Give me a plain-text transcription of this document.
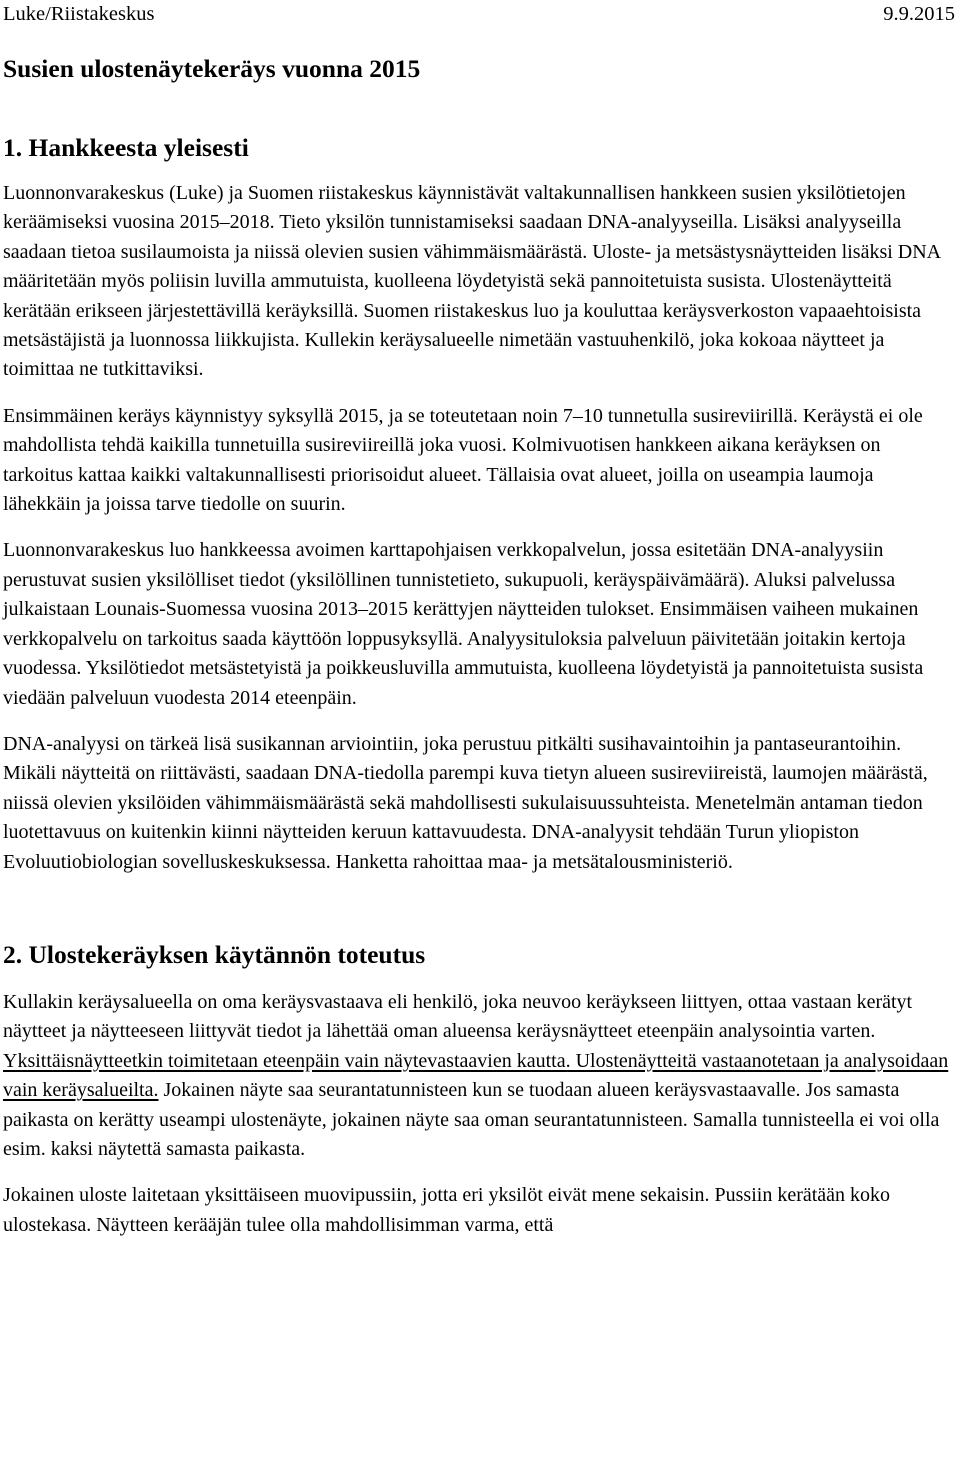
Luke/Riistakeskus	9.9.2015
Susien ulostenäytekeräys vuonna 2015
1. Hankkeesta yleisesti

Luonnonvarakeskus (Luke) ja Suomen riistakeskus käynnistävät valtakunnallisen hankkeen susien yksilötietojen keräämiseksi vuosina 2015–2018. Tieto yksilön tunnistamiseksi saadaan DNA-analyyseilla. Lisäksi analyyseilla saadaan tietoa susilaumoista ja niissä olevien susien vähimmäismäärästä. Uloste- ja metsästysnäytteiden lisäksi DNA määritetään myös poliisin luvilla ammutuista, kuolleena löydetyistä sekä pannoitetuista susista. Ulostenäytteitä kerätään erikseen järjestettävillä keräyksillä. Suomen riistakeskus luo ja kouluttaa keräysverkoston vapaaehtoisista metsästäjistä ja luonnossa liikkujista. Kullekin keräysalueelle nimetään vastuuhenkilö, joka kokoaa näytteet ja toimittaa ne tutkittaviksi.

Ensimmäinen keräys käynnistyy syksyllä 2015, ja se toteutetaan noin 7–10 tunnetulla susireviirillä. Keräystä ei ole mahdollista tehdä kaikilla tunnetuilla susireviireillä joka vuosi. Kolmivuotisen hankkeen aikana keräyksen on tarkoitus kattaa kaikki valtakunnallisesti priorisoidut alueet. Tällaisia ovat alueet, joilla on useampia laumoja lähekkäin ja joissa tarve tiedolle on suurin.

Luonnonvarakeskus luo hankkeessa avoimen karttapohjaisen verkkopalvelun, jossa esitetään DNA-analyysiin perustuvat susien yksilölliset tiedot (yksilöllinen tunnistetieto, sukupuoli, keräyspäivämäärä). Aluksi palvelussa julkaistaan Lounais-Suomessa vuosina 2013–2015 kerättyjen näytteiden tulokset. Ensimmäisen vaiheen mukainen verkkopalvelu on tarkoitus saada käyttöön loppusyksyllä. Analyysituloksia palveluun päivitetään joitakin kertoja vuodessa. Yksilötiedot metsästetyistä ja poikkeusluvilla ammutuista, kuolleena löydetyistä ja pannoitetuista susista viedään palveluun vuodesta 2014 eteenpäin.

DNA-analyysi on tärkeä lisä susikannan arviointiin, joka perustuu pitkälti susihavaintoihin ja pantaseurantoihin. Mikäli näytteitä on riittävästi, saadaan DNA-tiedolla parempi kuva tietyn alueen susireviireistä, laumojen määrästä, niissä olevien yksilöiden vähimmäismäärästä sekä mahdollisesti sukulaisuussuhteista. Menetelmän antaman tiedon luotettavuus on kuitenkin kiinni näytteiden keruun kattavuudesta. DNA-analyysit tehdään Turun yliopiston Evoluutiobiologian sovelluskeskuksessa. Hanketta rahoittaa maa- ja metsätalousministeriö.

2. Ulostekeräyksen käytännön toteutus

Kullakin keräysalueella on oma keräysvastaava eli henkilö, joka neuvoo keräykseen liittyen, ottaa vastaan kerätyt näytteet ja näytteeseen liittyvät tiedot ja lähettää oman alueensa keräysnäytteet eteenpäin analysointia varten. Yksittäisnäytteetkin toimitetaan eteenpäin vain näytevastaavien kautta. Ulostenäytteitä vastaanotetaan ja analysoidaan vain keräysalueilta. Jokainen näyte saa seurantatunnisteen kun se tuodaan alueen keräysvastaavalle. Jos samasta paikasta on kerätty useampi ulostenäyte, jokainen näyte saa oman seurantatunnisteen. Samalla tunnisteella ei voi olla esim. kaksi näytettä samasta paikasta.

Jokainen uloste laitetaan yksittäiseen muovipussiin, jotta eri yksilöt eivät mene sekaisin. Pussiin kerätään koko ulostekasa. Näytteen kerääjän tulee olla mahdollisimman varma, että
